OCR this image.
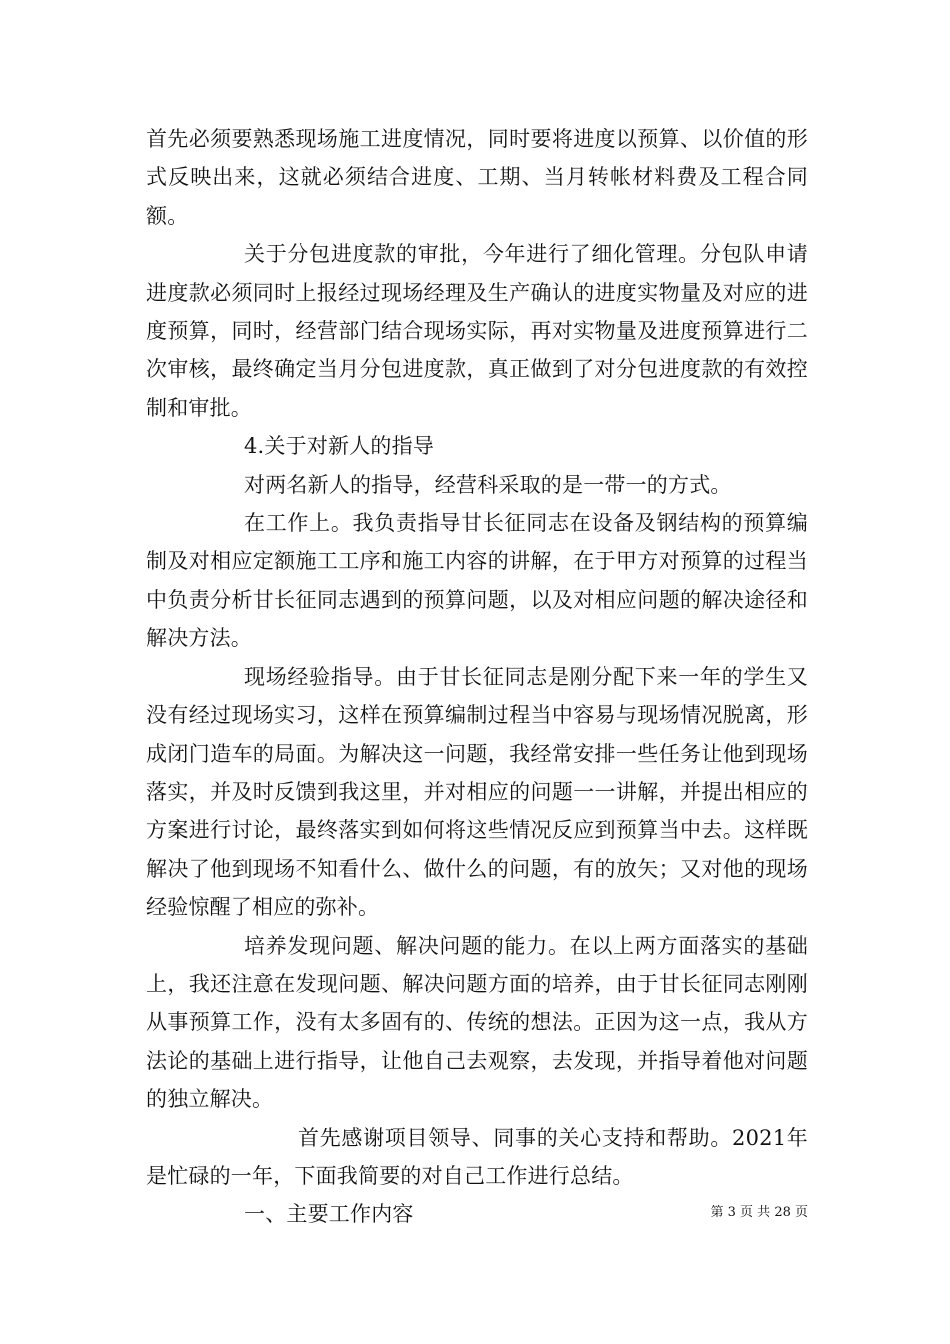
首先必须要熟悉现场施工进度情况，同时要将进度以预算、以价值的形式反映出来，这就必须结合进度、工期、当月转帐材料费及工程合同额。

关于分包进度款的审批，今年进行了细化管理。分包队申请进度款必须同时上报经过现场经理及生产确认的进度实物量及对应的进度预算，同时，经营部门结合现场实际，再对实物量及进度预算进行二次审核，最终确定当月分包进度款，真正做到了对分包进度款的有效控制和审批。

4.关于对新人的指导

对两名新人的指导，经营科采取的是一带一的方式。

在工作上。我负责指导甘长征同志在设备及钢结构的预算编制及对相应定额施工工序和施工内容的讲解，在于甲方对预算的过程当中负责分析甘长征同志遇到的预算问题，以及对相应问题的解决途径和解决方法。

现场经验指导。由于甘长征同志是刚分配下来一年的学生又没有经过现场实习，这样在预算编制过程当中容易与现场情况脱离，形成闭门造车的局面。为解决这一问题，我经常安排一些任务让他到现场落实，并及时反馈到我这里，并对相应的问题一一讲解，并提出相应的方案进行讨论，最终落实到如何将这些情况反应到预算当中去。这样既解决了他到现场不知看什么、做什么的问题，有的放矢；又对他的现场经验惊醒了相应的弥补。

培养发现问题、解决问题的能力。在以上两方面落实的基础上，我还注意在发现问题、解决问题方面的培养，由于甘长征同志刚刚从事预算工作，没有太多固有的、传统的想法。正因为这一点，我从方法论的基础上进行指导，让他自己去观察，去发现，并指导着他对问题的独立解决。

首先感谢项目领导、同事的关心支持和帮助。2021年是忙碌的一年，下面我简要的对自己工作进行总结。

一、主要工作内容	第 3 页 共 28 页
